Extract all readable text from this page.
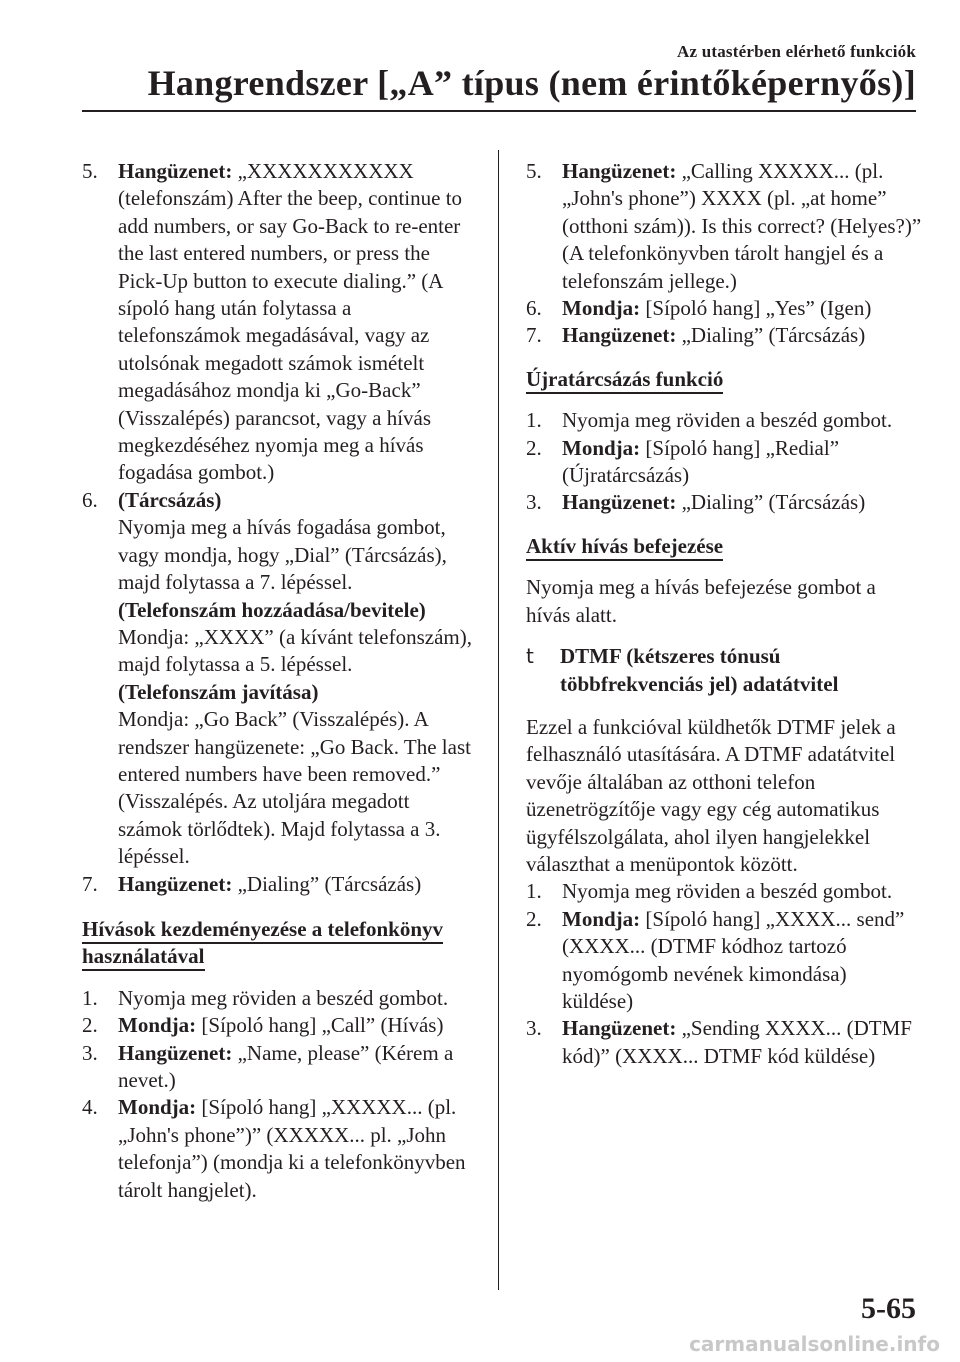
Az utastérben elérhető funkciók
Hangrendszer [„A” típus (nem érintőképernyős)]
5. Hangüzenet: „XXXXXXXXXXX (telefonszám) After the beep, continue to add numbers, or say Go-Back to re-enter the last entered numbers, or press the Pick-Up button to execute dialing.” (A sípoló hang után folytassa a telefonszámok megadásával, vagy az utolsónak megadott számok ismételt megadásához mondja ki „Go-Back” (Visszalépés) parancsot, vagy a hívás megkezdéséhez nyomja meg a hívás fogadása gombot.)
6. (Tárcsázás)
Nyomja meg a hívás fogadása gombot, vagy mondja, hogy „Dial” (Tárcsázás), majd folytassa a 7. lépéssel.
(Telefonszám hozzáadása/bevitele)
Mondja: „XXXX” (a kívánt telefonszám), majd folytassa a 5. lépéssel.
(Telefonszám javítása)
Mondja: „Go Back” (Visszalépés). A rendszer hangüzenete: „Go Back. The last entered numbers have been removed.” (Visszalépés. Az utoljára megadott számok törlődtek). Majd folytassa a 3. lépéssel.
7. Hangüzenet: „Dialing” (Tárcsázás)
Hívások kezdeményezése a telefonkönyv használatával
1. Nyomja meg röviden a beszéd gombot.
2. Mondja: [Sípoló hang] „Call” (Hívás)
3. Hangüzenet: „Name, please” (Kérem a nevet.)
4. Mondja: [Sípoló hang] „XXXXX... (pl. „John's phone”)” (XXXXX... pl. „John telefonja”) (mondja ki a telefonkönyvben tárolt hangjelet).
5. Hangüzenet: „Calling XXXXX... (pl. „John's phone”) XXXX (pl. „at home” (otthoni szám)). Is this correct? (Helyes?)” (A telefonkönyvben tárolt hangjel és a telefonszám jellege.)
6. Mondja: [Sípoló hang] „Yes” (Igen)
7. Hangüzenet: „Dialing” (Tárcsázás)
Újratárcsázás funkció
1. Nyomja meg röviden a beszéd gombot.
2. Mondja: [Sípoló hang] „Redial” (Újratárcsázás)
3. Hangüzenet: „Dialing” (Tárcsázás)
Aktív hívás befejezése
Nyomja meg a hívás befejezése gombot a hívás alatt.
t	DTMF (kétszeres tónusú többfrekvenciás jel) adatátvitel
Ezzel a funkcióval küldhetők DTMF jelek a felhasználó utasítására. A DTMF adatátvitel vevője általában az otthoni telefon üzenetrögzítője vagy egy cég automatikus ügyfélszolgálata, ahol ilyen hangjelekkel választhat a menüpontok között.
1. Nyomja meg röviden a beszéd gombot.
2. Mondja: [Sípoló hang] „XXXX... send” (XXXX... (DTMF kódhoz tartozó nyomógomb nevének kimondása) küldése)
3. Hangüzenet: „Sending XXXX... (DTMF kód)” (XXXX... DTMF kód küldése)
5-65
carmanualsonline.info
